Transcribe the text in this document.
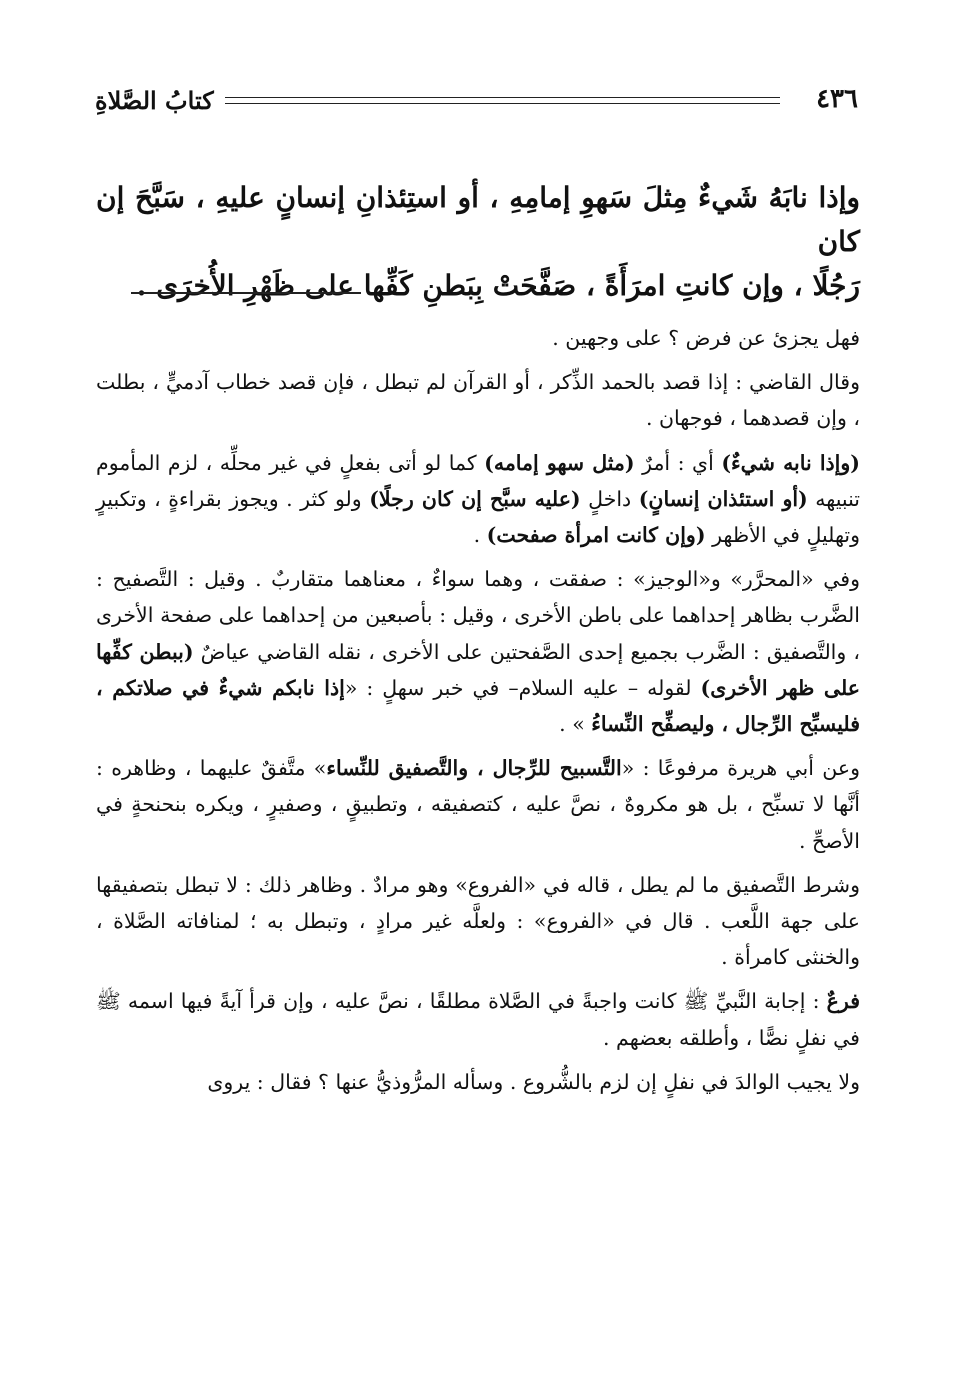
٤٣٦
كتابُ الصَّلاةِ
وإذا نابَهُ شَيءٌ مِثلَ سَهوِ إمامِهِ ، أو استِئذانِ إنسانٍ عليهِ ، سَبَّحَ إن كان
رَجُلًا ، وإن كانتِ امرَأَةً ، صَفَّحَتْ بِبَطنِ كَفِّها على ظَهْرِ الأُخرَى .

فهل يجزئ عن فرض ؟ على وجهين .

وقال القاضي : إذا قصد بالحمد الذِّكر ، أو القرآن لم تبطل ، فإن قصد خطاب آدميٍّ ، بطلت ، وإن قصدهما ، فوجهان .

(وإذا نابه شيءٌ) أي : أمرٌ (مثل سهو إمامه) كما لو أتى بفعلٍ في غير محلِّه ، لزم المأموم تنبيهه (أو استئذان إنسانٍ) داخلٍ (عليه سبَّح إن كان رجلًا) ولو كثر . ويجوز بقراءةٍ ، وتكبيرٍ وتهليلٍ في الأظهر (وإن كانت امرأة صفحت) .

وفي «المحرَّر» و«الوجيز» : صفقت ، وهما سواءٌ ، معناهما متقاربٌ . وقيل : التَّصفيح : الضَّرب بظاهر إحداهما على باطن الأخرى ، وقيل : بأصبعين من إحداهما على صفحة الأخرى ، والتَّصفيق : الضَّرب بجميع إحدى الصَّفحتين على الأخرى ، نقله القاضي عياضٌ (ببطن كفِّها على ظهر الأخرى) لقوله – عليه السلام– في خبر سهلٍ : «إذا نابكم شيءٌ في صلاتكم ، فليسبِّح الرِّجال ، وليصفِّح النِّساءُ » .

وعن أبي هريرة مرفوعًا : «التَّسبيح للرِّجال ، والتَّصفيق للنِّساء» متَّفقٌ عليهما ، وظاهره : أنَّها لا تسبِّح ، بل هو مكروهٌ ، نصَّ عليه ، كتصفيقه ، وتطبيقٍ ، وصفيرٍ ، ويكره بنحنحةٍ في الأصحِّ .

وشرط التَّصفيق ما لم يطل ، قاله في «الفروع» وهو مرادٌ . وظاهر ذلك : لا تبطل بتصفيقها على جهة اللَّعب . قال في «الفروع» : ولعلَّه غير مرادٍ ، وتبطل به ؛ لمنافاته الصَّلاة ، والخنثى كامرأة .

فرعٌ : إجابة النَّبيِّ ﷺ كانت واجبةً في الصَّلاة مطلقًا ، نصَّ عليه ، وإن قرأ آيةً فيها اسمه ﷺ في نفلٍ نصًّا ، وأطلقه بعضهم .

ولا يجيب الوالدَ في نفلٍ إن لزم بالشُّروع . وسأله المرُّوذيُّ عنها ؟ فقال : يروى
